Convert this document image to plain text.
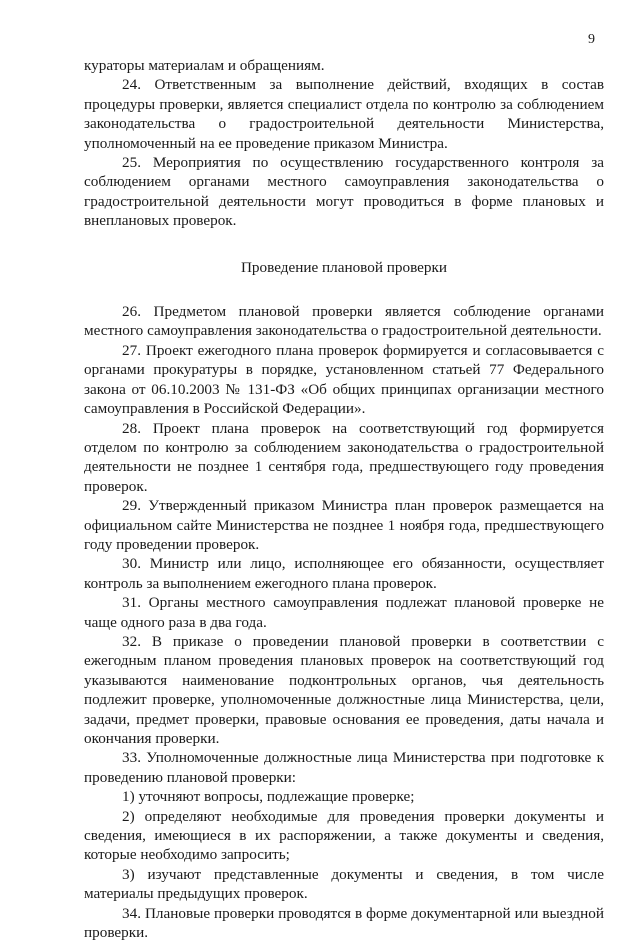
9

кураторы материалам и обращениям.

24. Ответственным за выполнение действий, входящих в состав процедуры проверки, является специалист отдела по контролю за соблюдением законодательства о градостроительной деятельности Министерства, уполномоченный на ее проведение приказом Министра.

25. Мероприятия по осуществлению государственного контроля за соблюдением органами местного самоуправления законодательства о градостроительной деятельности могут проводиться в форме плановых и внеплановых проверок.

Проведение плановой проверки

26. Предметом плановой проверки является соблюдение органами местного самоуправления законодательства о градостроительной деятельности.

27. Проект ежегодного плана проверок формируется и согласовывается с органами прокуратуры в порядке, установленном статьей 77 Федерального закона от 06.10.2003 № 131-ФЗ «Об общих принципах организации местного самоуправления в Российской Федерации».

28. Проект плана проверок на соответствующий год формируется отделом по контролю за соблюдением законодательства о градостроительной деятельности не позднее 1 сентября года, предшествующего году проведения проверок.

29. Утвержденный приказом Министра план проверок размещается на официальном сайте Министерства не позднее 1 ноября года, предшествующего году проведении проверок.

30. Министр или лицо, исполняющее его обязанности, осуществляет контроль за выполнением ежегодного плана проверок.

31. Органы местного самоуправления подлежат плановой проверке не чаще одного раза в два года.

32. В приказе о проведении плановой проверки в соответствии с ежегодным планом проведения плановых проверок на соответствующий год указываются наименование подконтрольных органов, чья деятельность подлежит проверке, уполномоченные должностные лица Министерства, цели, задачи, предмет проверки, правовые основания ее проведения, даты начала и окончания проверки.

33. Уполномоченные должностные лица Министерства при подготовке к проведению плановой проверки:

1) уточняют вопросы, подлежащие проверке;

2) определяют необходимые для проведения проверки документы и сведения, имеющиеся в их распоряжении, а также документы и сведения, которые необходимо запросить;

3) изучают представленные документы и сведения, в том числе материалы предыдущих проверок.

34. Плановые проверки проводятся в форме документарной или выездной проверки.
